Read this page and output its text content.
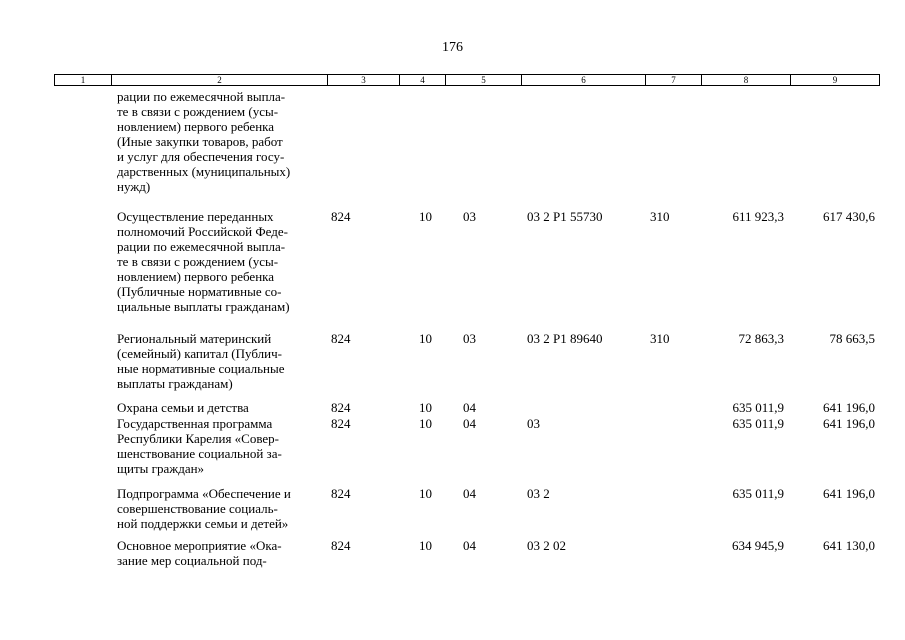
176
1	2	3	4	5	6	7	8	9
рации по ежемесячной выпла-
те в связи с рождением (усы-
новлением) первого ребенка
(Иные закупки товаров, работ
и услуг для обеспечения госу-
дарственных (муниципальных)
нужд)
Осуществление переданных
полномочий Российской Феде-
рации по ежемесячной выпла-
те в связи с рождением (усы-
новлением) первого ребенка
(Публичные нормативные со-
циальные выплаты гражданам)
824	10 03	03 2 Р1 55730	310	611 923,3	617 430,6
Региональный материнский
(семейный) капитал (Публич-
ные нормативные социальные
выплаты гражданам)
824	10 03	03 2 Р1 89640	310	72 863,3	78 663,5
Охрана семьи и детства	824	10 04	635 011,9	641 196,0
Государственная программа
Республики Карелия «Совер-
шенствование социальной за-
щиты граждан»
824	10 04	03	635 011,9	641 196,0
Подпрограмма «Обеспечение и
совершенствование социаль-
ной поддержки семьи и детей»
824	10 04	03 2	635 011,9	641 196,0
Основное мероприятие «Ока-
зание мер социальной под-
824	10 04	03 2 02	634 945,9	641 130,0
